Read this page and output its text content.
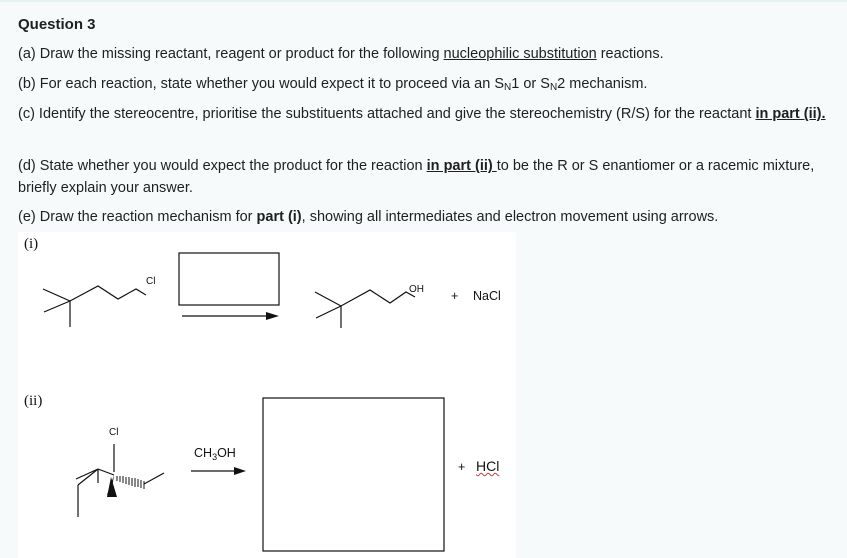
Question 3
(a) Draw the missing reactant, reagent or product for the following nucleophilic substitution reactions.
(b) For each reaction, state whether you would expect it to proceed via an $S_N1$ or $S_N2$ mechanism.
(c) Identify the stereocentre, prioritise the substituents attached and give the stereochemistry (R/S) for the reactant in part (ii).
(d) State whether you would expect the product for the reaction in part (ii) to be the R or S enantiomer or a racemic mixture, briefly explain your answer.
(e) Draw the reaction mechanism for part (i), showing all intermediates and electron movement using arrows.
(i)
Cl
OH + NaCl
(ii)
Cl
$CH_3OH$
+ HCl
